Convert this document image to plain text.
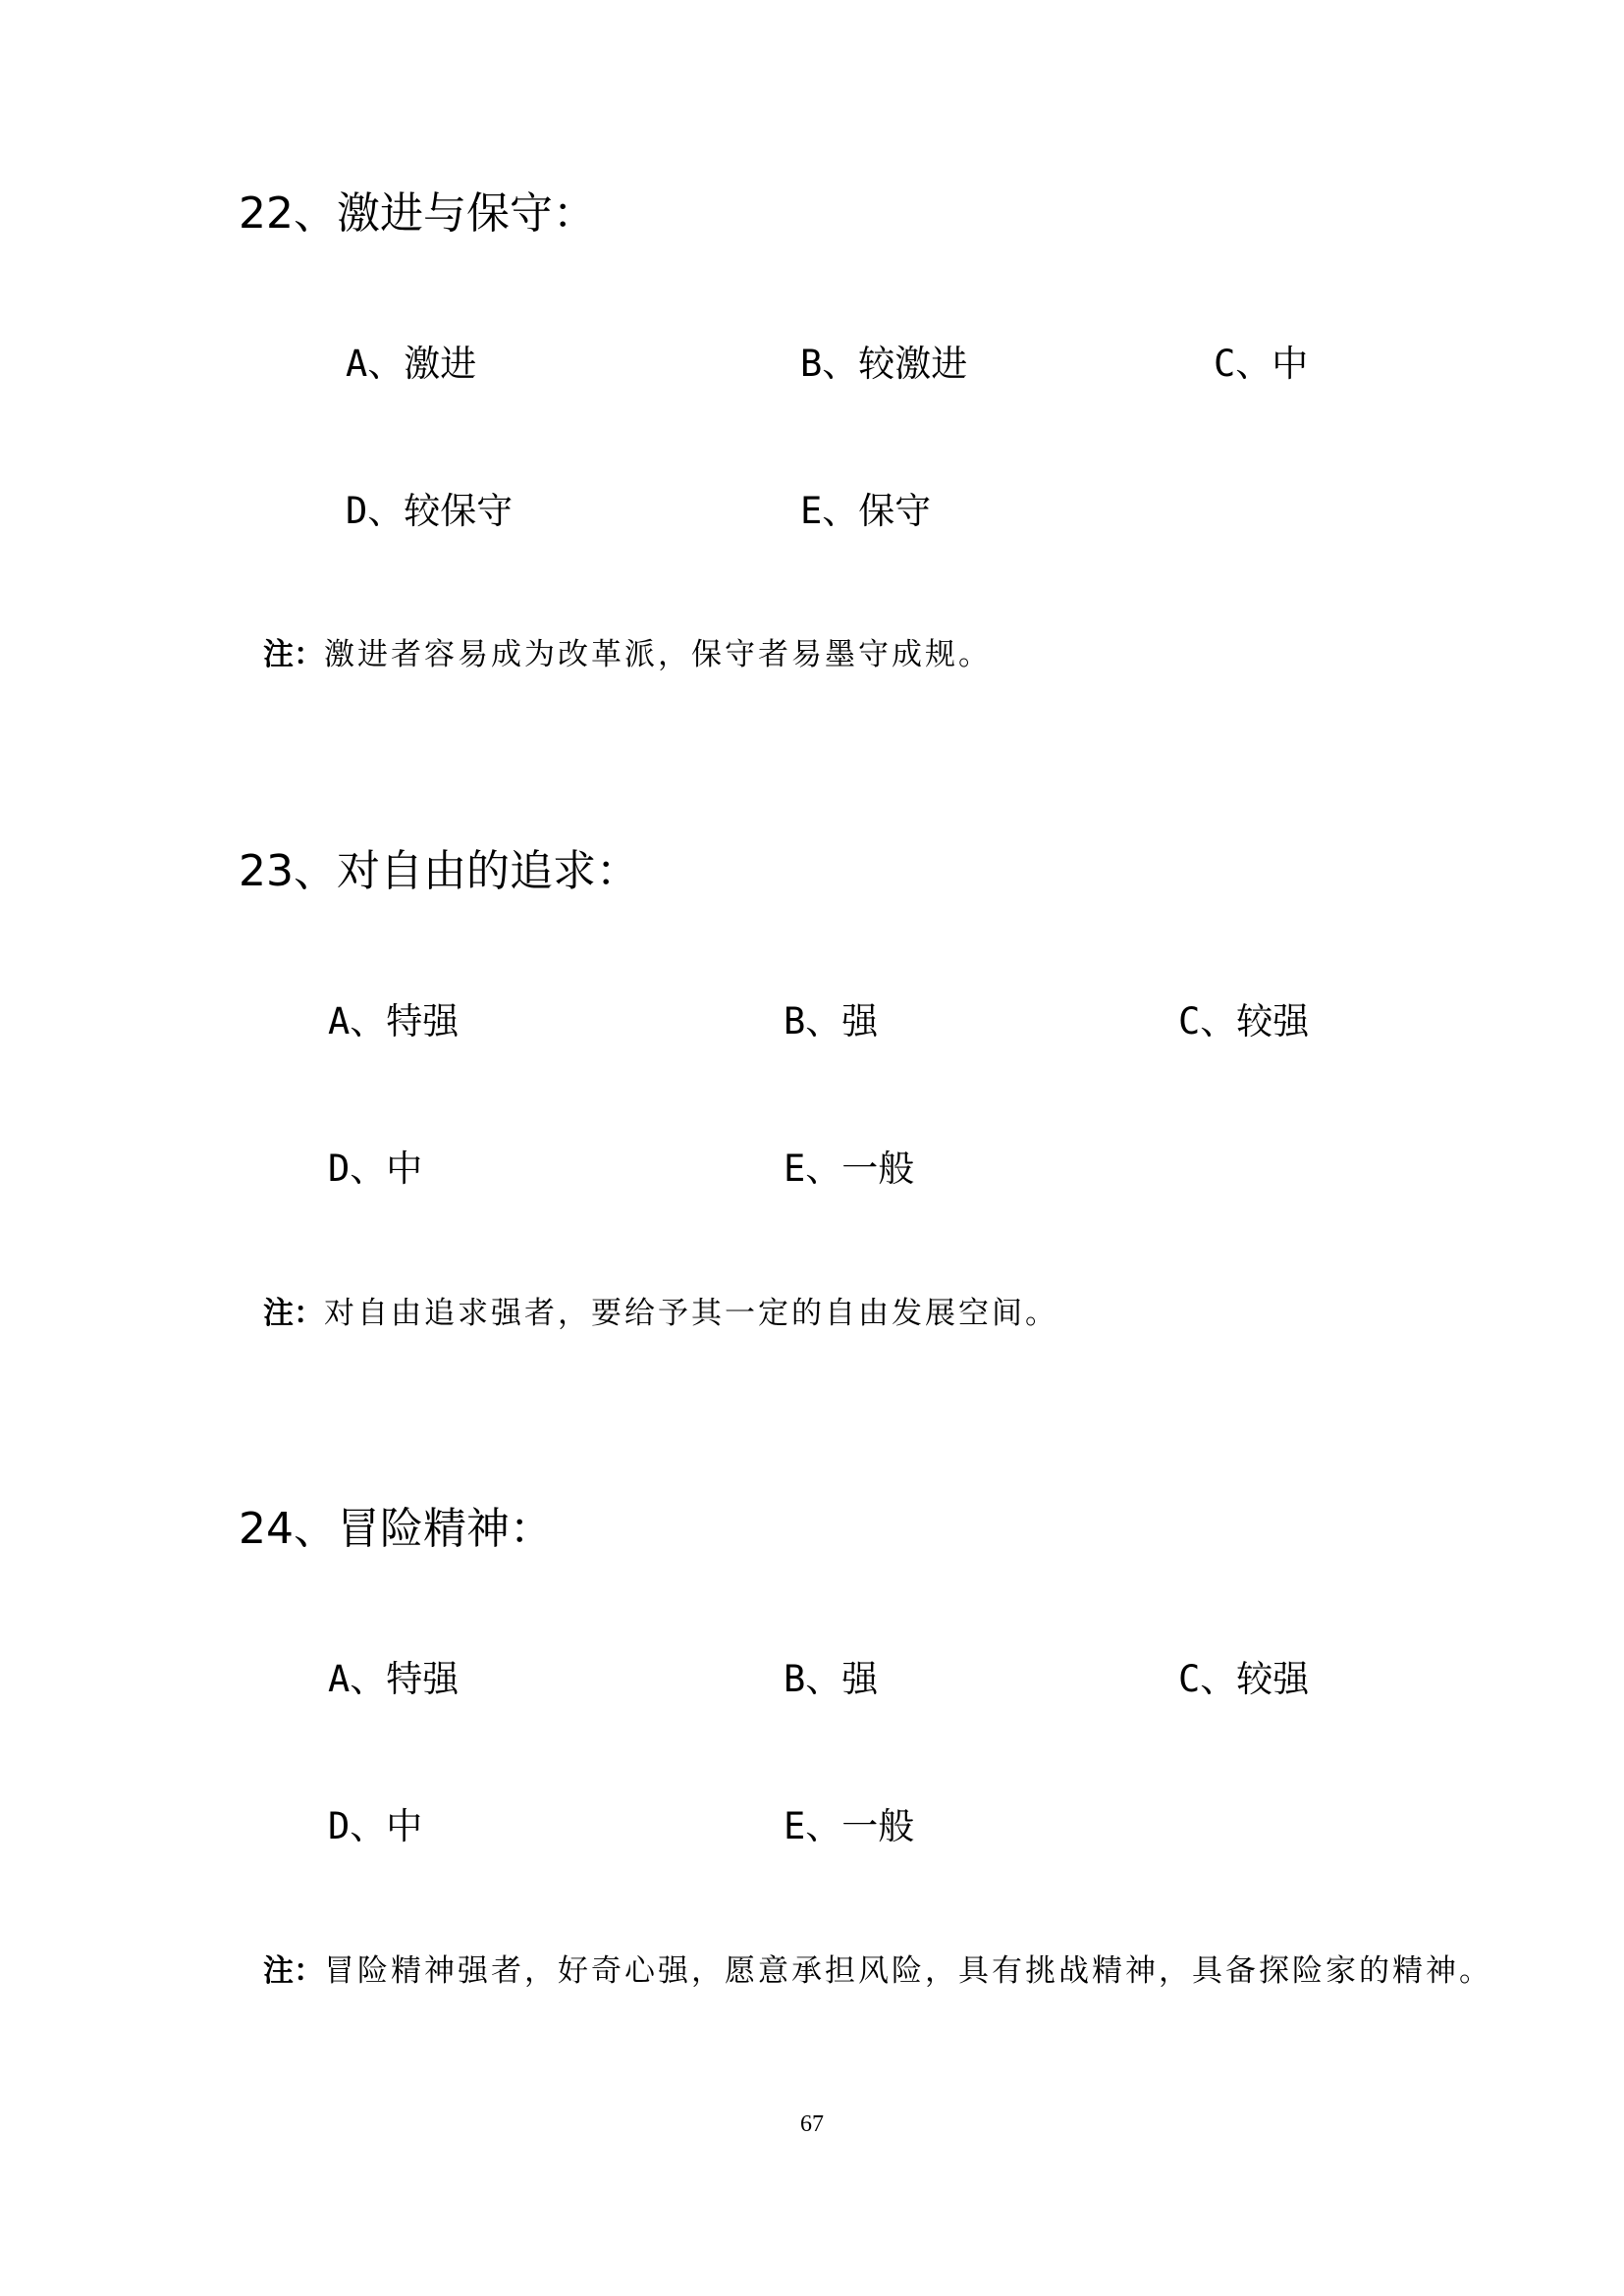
22、激进与保守：
A、激进	B、较激进	C、中
D、较保守	E、保守
注：激进者容易成为改革派，保守者易墨守成规。
23、对自由的追求：
A、特强	B、强	C、较强
D、中	E、一般
注：对自由追求强者，要给予其一定的自由发展空间。
24、冒险精神：
A、特强	B、强	C、较强
D、中	E、一般
注：冒险精神强者，好奇心强，愿意承担风险，具有挑战精神，具备探险家的精神。
67
